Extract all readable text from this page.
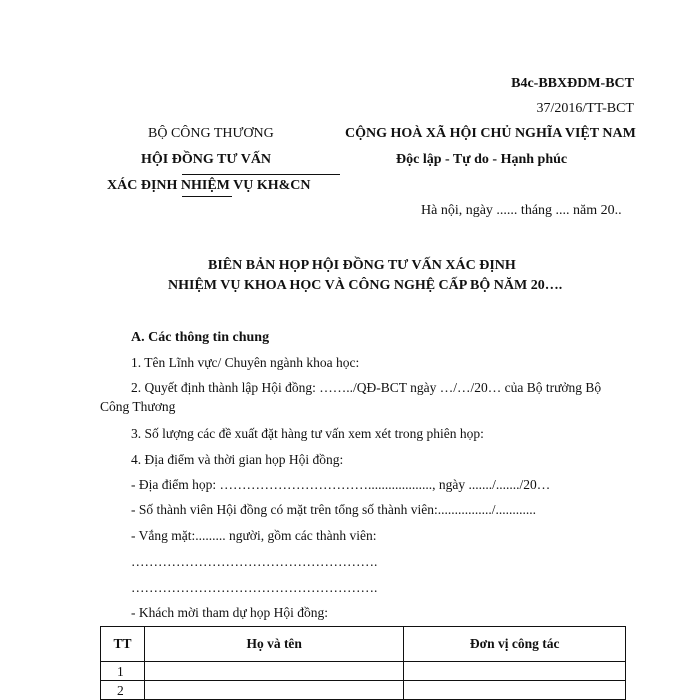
B4c-BBXĐDM-BCT
37/2016/TT-BCT
BỘ CÔNG THƯƠNG
HỘI ĐỒNG TƯ VẤN
XÁC ĐỊNH NHIỆM VỤ KH&CN
CỘNG HOÀ XÃ HỘI CHỦ NGHĨA VIỆT NAM
Độc lập - Tự do - Hạnh phúc
Hà nội, ngày ...... tháng .... năm 20..
BIÊN BẢN HỌP HỘI ĐỒNG TƯ VẤN XÁC ĐỊNH
NHIỆM VỤ KHOA HỌC VÀ CÔNG NGHỆ CẤP BỘ NĂM 20….
A. Các thông tin chung
1. Tên Lĩnh vực/ Chuyên ngành khoa học:
2. Quyết định thành lập Hội đồng: ……../QĐ-BCT ngày …/…/20… của Bộ trưởng Bộ
Công Thương
3. Số lượng các đề xuất đặt hàng tư vấn xem xét trong phiên họp:
4. Địa điểm và thời gian họp Hội đồng:
- Địa điểm họp: ……………………………..................., ngày ......./......./20…
- Số thành viên Hội đồng có mặt trên tổng số thành viên:................/............
- Vắng mặt:......... người, gồm các thành viên:
……………………………………………….
……………………………………………….
- Khách mời tham dự họp Hội đồng:
TT	Họ và tên	Đơn vị công tác
1		
2		
